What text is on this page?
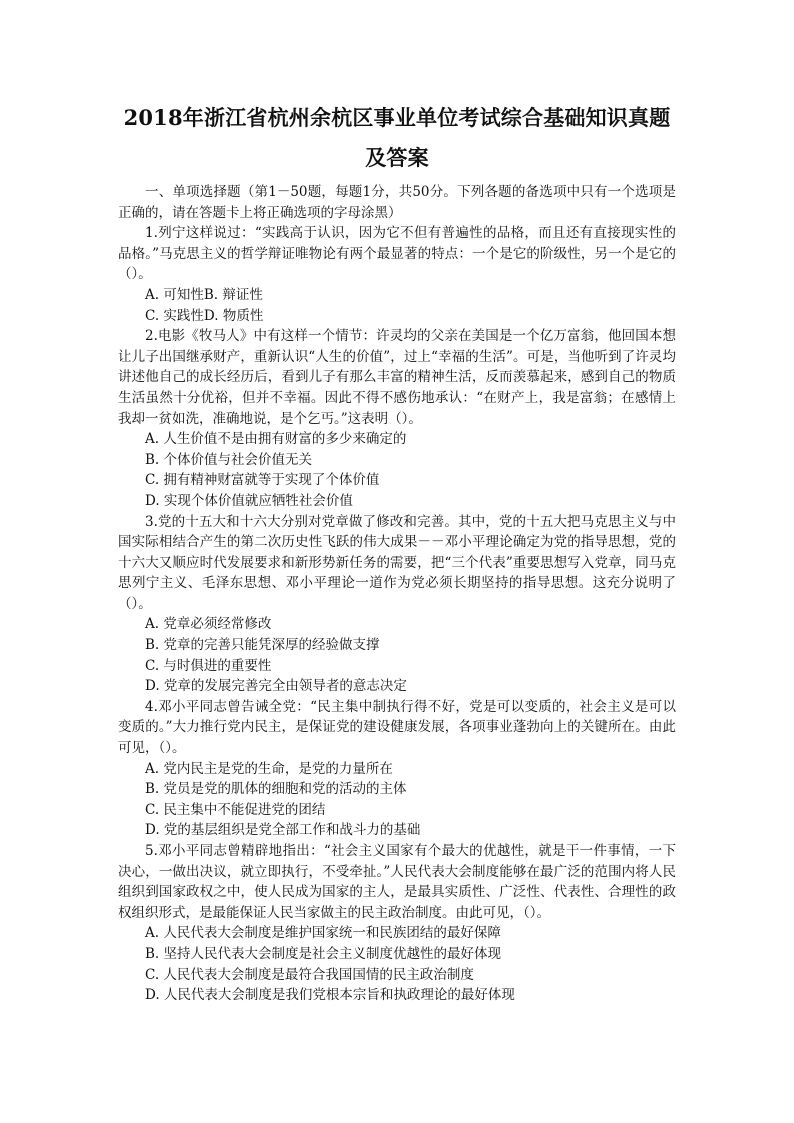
2018年浙江省杭州余杭区事业单位考试综合基础知识真题
及答案

一、单项选择题（第1－50题，每题1分，共50分。下列各题的备选项中只有一个选项是正确的，请在答题卡上将正确选项的字母涂黑）

1.列宁这样说过：“实践高于认识，因为它不但有普遍性的品格，而且还有直接现实性的品格。”马克思主义的哲学辩证唯物论有两个最显著的特点：一个是它的阶级性，另一个是它的（）。

A. 可知性B. 辩证性

C. 实践性D. 物质性

2.电影《牧马人》中有这样一个情节：许灵均的父亲在美国是一个亿万富翁，他回国本想让儿子出国继承财产，重新认识“人生的价值”，过上“幸福的生活”。可是，当他听到了许灵均讲述他自己的成长经历后，看到儿子有那么丰富的精神生活，反而羡慕起来，感到自己的物质生活虽然十分优裕，但并不幸福。因此不得不感伤地承认：“在财产上，我是富翁；在感情上我却一贫如洗，准确地说，是个乞丐。”这表明（）。

A. 人生价值不是由拥有财富的多少来确定的

B. 个体价值与社会价值无关

C. 拥有精神财富就等于实现了个体价值

D. 实现个体价值就应牺牲社会价值

3.党的十五大和十六大分别对党章做了修改和完善。其中，党的十五大把马克思主义与中国实际相结合产生的第二次历史性飞跃的伟大成果－－邓小平理论确定为党的指导思想，党的十六大又顺应时代发展要求和新形势新任务的需要，把“三个代表”重要思想写入党章，同马克思列宁主义、毛泽东思想、邓小平理论一道作为党必须长期坚持的指导思想。这充分说明了（）。

A. 党章必须经常修改

B. 党章的完善只能凭深厚的经验做支撑

C. 与时俱进的重要性

D. 党章的发展完善完全由领导者的意志决定

4.邓小平同志曾告诫全党：“民主集中制执行得不好，党是可以变质的，社会主义是可以变质的。”大力推行党内民主，是保证党的建设健康发展，各项事业蓬勃向上的关键所在。由此可见，（）。

A. 党内民主是党的生命，是党的力量所在

B. 党员是党的肌体的细胞和党的活动的主体

C. 民主集中不能促进党的团结

D. 党的基层组织是党全部工作和战斗力的基础

5.邓小平同志曾精辟地指出：“社会主义国家有个最大的优越性，就是干一件事情，一下决心，一做出决议，就立即执行，不受牵扯。”人民代表大会制度能够在最广泛的范围内将人民组织到国家政权之中，使人民成为国家的主人，是最具实质性、广泛性、代表性、合理性的政权组织形式，是最能保证人民当家做主的民主政治制度。由此可见，（）。

A. 人民代表大会制度是维护国家统一和民族团结的最好保障

B. 坚持人民代表大会制度是社会主义制度优越性的最好体现

C. 人民代表大会制度是最符合我国国情的民主政治制度

D. 人民代表大会制度是我们党根本宗旨和执政理论的最好体现
